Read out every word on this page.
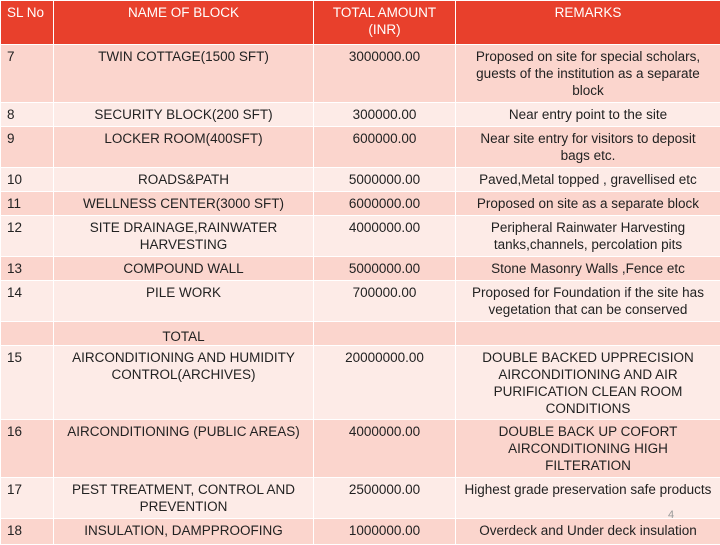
SL No	NAME OF BLOCK	TOTAL AMOUNT (INR)	REMARKS
7	TWIN COTTAGE(1500 SFT)	3000000.00	Proposed on site for special scholars, guests of the institution as a separate block
8	SECURITY BLOCK(200 SFT)	300000.00	Near entry point to the site
9	LOCKER ROOM(400SFT)	600000.00	Near site entry for visitors to deposit bags etc.
10	ROADS&PATH	5000000.00	Paved,Metal topped , gravellised etc
11	WELLNESS CENTER(3000 SFT)	6000000.00	Proposed on site as a separate block
12	SITE DRAINAGE,RAINWATER HARVESTING	4000000.00	Peripheral Rainwater Harvesting tanks,channels, percolation pits
13	COMPOUND WALL	5000000.00	Stone Masonry Walls ,Fence etc
14	PILE WORK	700000.00	Proposed for Foundation if the site has vegetation that can be conserved
	TOTAL		
15	AIRCONDITIONING AND HUMIDITY CONTROL(ARCHIVES)	20000000.00	DOUBLE BACKED UPPRECISION AIRCONDITIONING AND AIR PURIFICATION CLEAN ROOM CONDITIONS
16	AIRCONDITIONING (PUBLIC AREAS)	4000000.00	DOUBLE BACK UP COFORT AIRCONDITIONING HIGH FILTERATION
17	PEST TREATMENT, CONTROL AND PREVENTION	2500000.00	Highest grade preservation safe products
18	INSULATION, DAMPPROOFING	1000000.00	Overdeck and Under deck insulation
4
